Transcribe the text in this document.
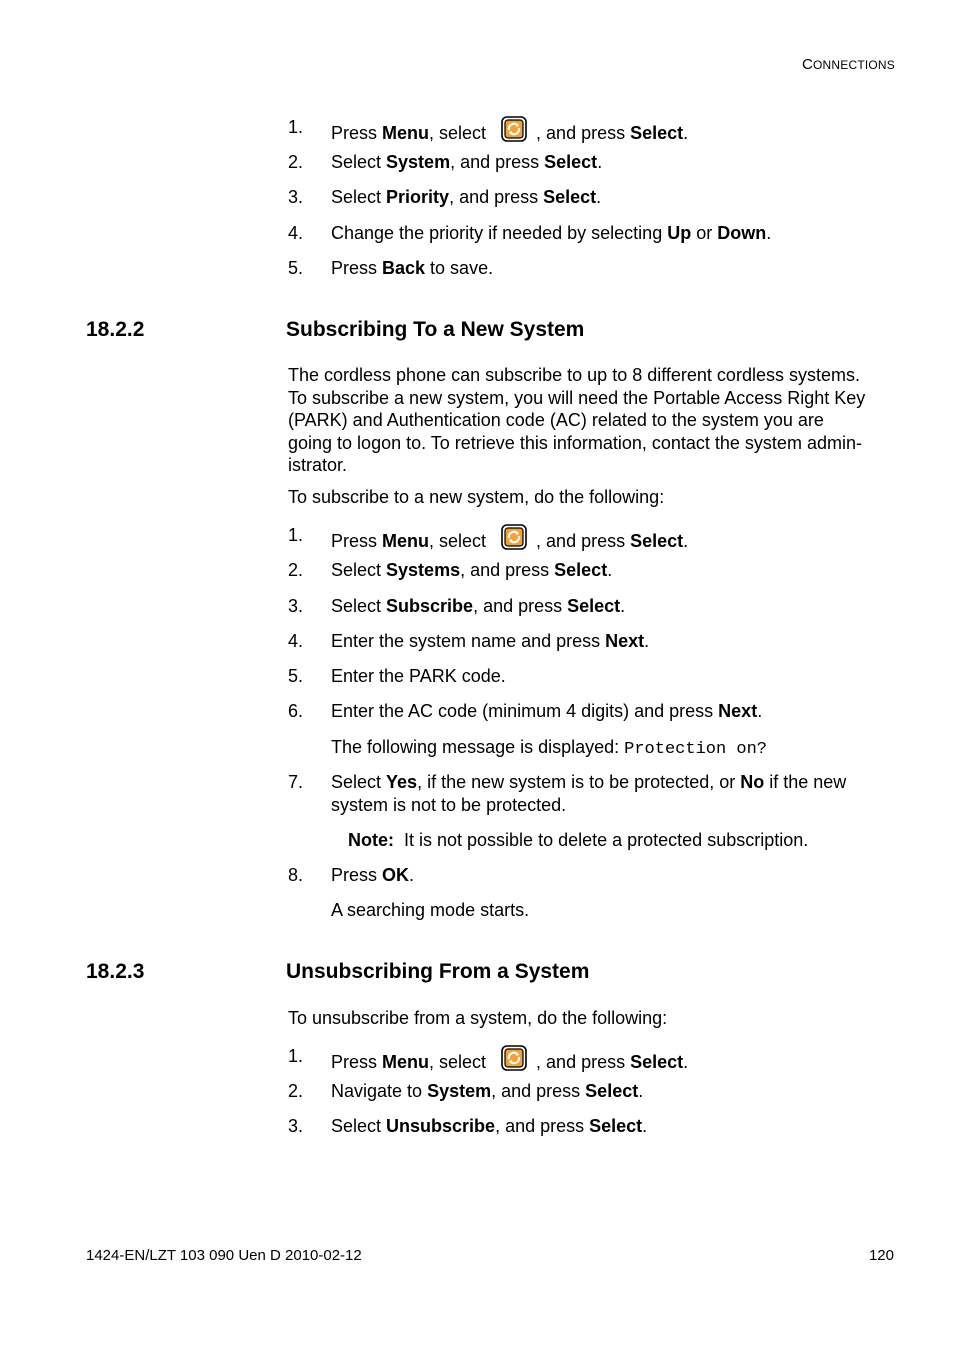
CONNECTIONS
1. Press Menu, select	, and press Select.
2. Select System, and press Select.
3. Select Priority, and press Select.
4. Change the priority if needed by selecting Up or Down.
5. Press Back to save.
18.2.2	Subscribing To a New System
The cordless phone can subscribe to up to 8 different cordless systems.
To subscribe a new system, you will need the Portable Access Right Key
(PARK) and Authentication code (AC) related to the system you are
going to logon to. To retrieve this information, contact the system admin-
istrator.
To subscribe to a new system, do the following:
1. Press Menu, select	, and press Select.
2. Select Systems, and press Select.
3. Select Subscribe, and press Select.
4. Enter the system name and press Next.
5. Enter the PARK code.
6. Enter the AC code (minimum 4 digits) and press Next.
The following message is displayed: Protection on?
7. Select Yes, if the new system is to be protected, or No if the new
system is not to be protected.
Note:  It is not possible to delete a protected subscription.
8. Press OK.
A searching mode starts.
18.2.3	Unsubscribing From a System
To unsubscribe from a system, do the following:
1. Press Menu, select	, and press Select.
2. Navigate to System, and press Select.
3. Select Unsubscribe, and press Select.
1424-EN/LZT 103 090 Uen D 2010-02-12	120
